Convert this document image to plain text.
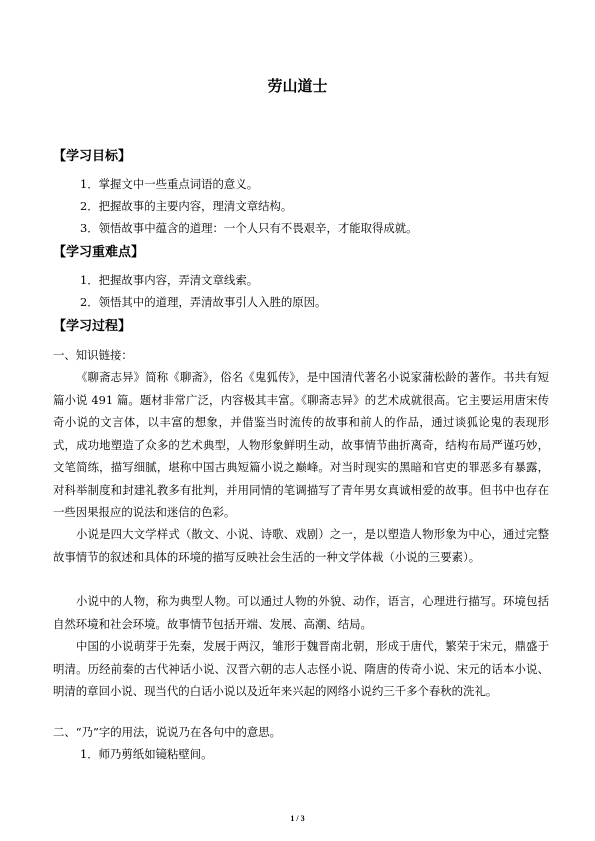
劳山道士
【学习目标】
1．掌握文中一些重点词语的意义。
2．把握故事的主要内容，理清文章结构。
3．领悟故事中蕴含的道理：一个人只有不畏艰辛，才能取得成就。
【学习重难点】
1．把握故事内容，弄清文章线索。
2．领悟其中的道理，弄清故事引人入胜的原因。
【学习过程】
一、知识链接：
《聊斋志异》简称《聊斋》，俗名《鬼狐传》，是中国清代著名小说家蒲松龄的著作。书共有短篇小说 491 篇。题材非常广泛，内容极其丰富。《聊斋志异》的艺术成就很高。它主要运用唐宋传奇小说的文言体，以丰富的想象，并借鉴当时流传的故事和前人的作品，通过谈狐论鬼的表现形式，成功地塑造了众多的艺术典型，人物形象鲜明生动，故事情节曲折离奇，结构布局严谨巧妙，文笔简练，描写细腻，堪称中国古典短篇小说之巅峰。对当时现实的黑暗和官吏的罪恶多有暴露，对科举制度和封建礼教多有批判，并用同情的笔调描写了青年男女真诚相爱的故事。但书中也存在一些因果报应的说法和迷信的色彩。
小说是四大文学样式（散文、小说、诗歌、戏剧）之一，是以塑造人物形象为中心，通过完整故事情节的叙述和具体的环境的描写反映社会生活的一种文学体裁（小说的三要素）。
小说中的人物，称为典型人物。可以通过人物的外貌、动作，语言，心理进行描写。环境包括自然环境和社会环境。故事情节包括开端、发展、高潮、结局。
中国的小说萌芽于先秦，发展于两汉，雏形于魏晋南北朝，形成于唐代，繁荣于宋元，鼎盛于明清。历经前秦的古代神话小说、汉晋六朝的志人志怪小说、隋唐的传奇小说、宋元的话本小说、明清的章回小说、现当代的白话小说以及近年来兴起的网络小说约三千多个春秋的洗礼。
二、“乃”字的用法，说说乃在各句中的意思。
1．师乃剪纸如镜粘壁间。
1 / 3
